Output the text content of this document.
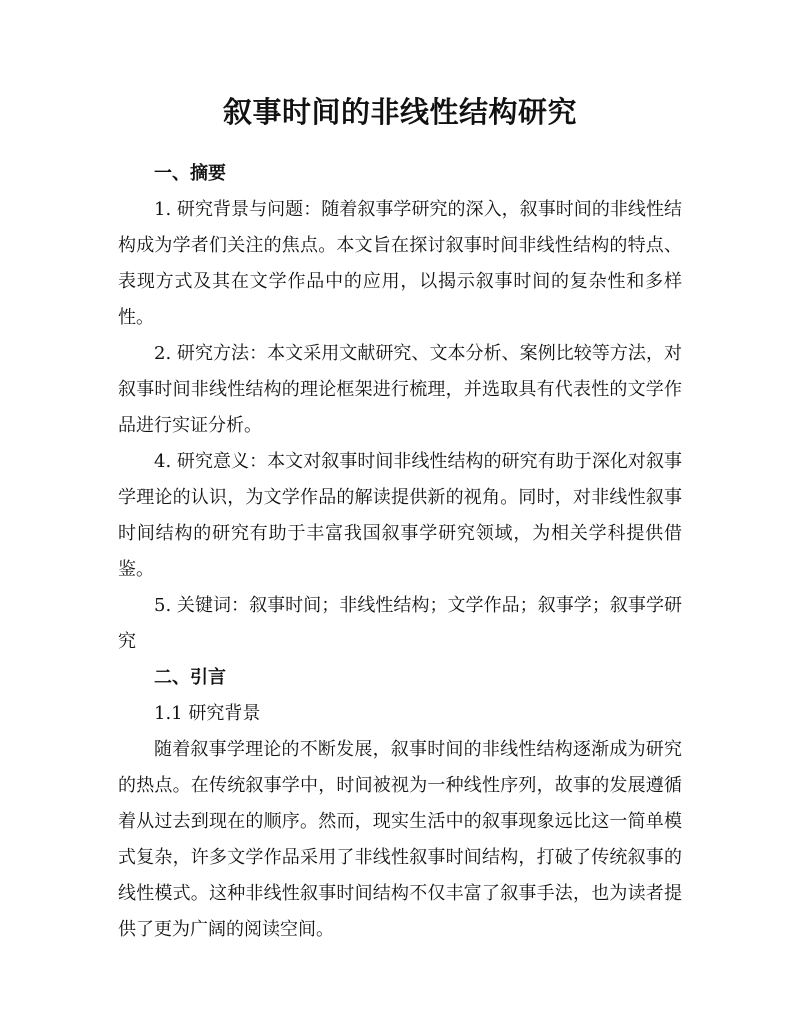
叙事时间的非线性结构研究

一、摘要

1. 研究背景与问题：随着叙事学研究的深入，叙事时间的非线性结构成为学者们关注的焦点。本文旨在探讨叙事时间非线性结构的特点、表现方式及其在文学作品中的应用，以揭示叙事时间的复杂性和多样性。

2. 研究方法：本文采用文献研究、文本分析、案例比较等方法，对叙事时间非线性结构的理论框架进行梳理，并选取具有代表性的文学作品进行实证分析。

4. 研究意义：本文对叙事时间非线性结构的研究有助于深化对叙事学理论的认识，为文学作品的解读提供新的视角。同时，对非线性叙事时间结构的研究有助于丰富我国叙事学研究领域，为相关学科提供借鉴。

5. 关键词：叙事时间；非线性结构；文学作品；叙事学；叙事学研究

二、引言

1.1 研究背景

随着叙事学理论的不断发展，叙事时间的非线性结构逐渐成为研究的热点。在传统叙事学中，时间被视为一种线性序列，故事的发展遵循着从过去到现在的顺序。然而，现实生活中的叙事现象远比这一简单模式复杂，许多文学作品采用了非线性叙事时间结构，打破了传统叙事的线性模式。这种非线性叙事时间结构不仅丰富了叙事手法，也为读者提供了更为广阔的阅读空间。
